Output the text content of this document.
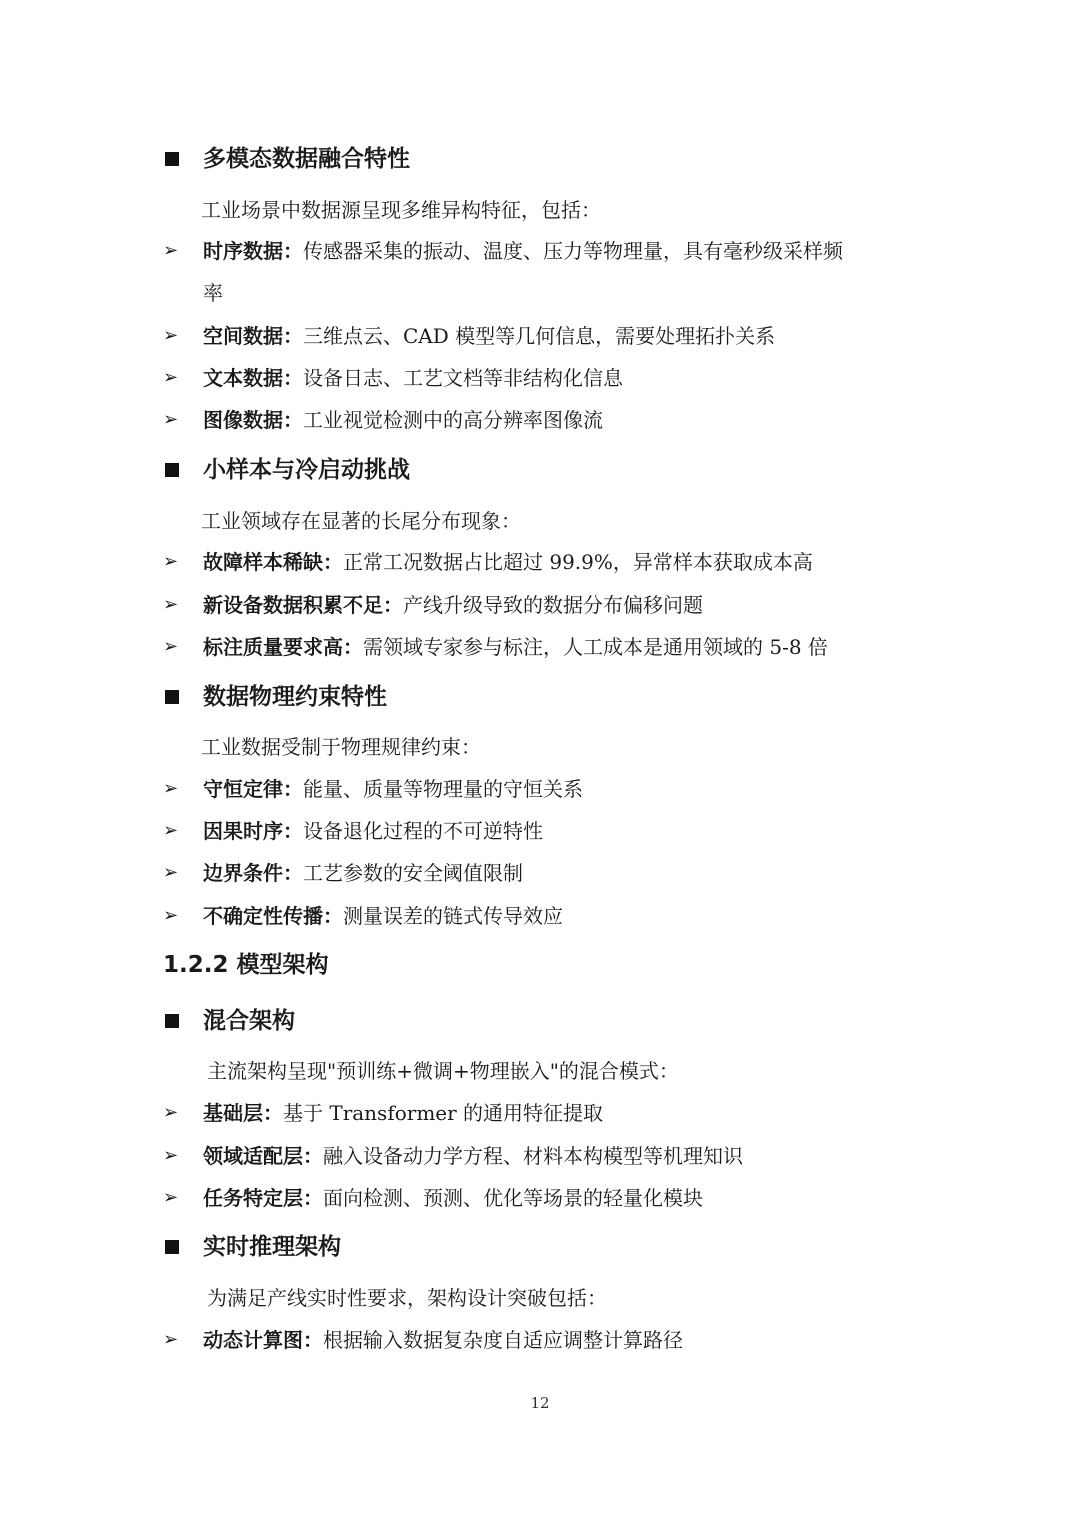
多模态数据融合特性
工业场景中数据源呈现多维异构特征，包括：
➢ 时序数据：传感器采集的振动、温度、压力等物理量，具有毫秒级采样频
率
➢ 空间数据：三维点云、CAD 模型等几何信息，需要处理拓扑关系
➢ 文本数据：设备日志、工艺文档等非结构化信息
➢ 图像数据：工业视觉检测中的高分辨率图像流
小样本与冷启动挑战
工业领域存在显著的长尾分布现象：
➢ 故障样本稀缺：正常工况数据占比超过 99.9%，异常样本获取成本高
➢ 新设备数据积累不足：产线升级导致的数据分布偏移问题
➢ 标注质量要求高：需领域专家参与标注，人工成本是通用领域的 5-8 倍
数据物理约束特性
工业数据受制于物理规律约束：
➢ 守恒定律：能量、质量等物理量的守恒关系
➢ 因果时序：设备退化过程的不可逆特性
➢ 边界条件：工艺参数的安全阈值限制
➢ 不确定性传播：测量误差的链式传导效应
1.2.2 模型架构
混合架构
主流架构呈现"预训练+微调+物理嵌入"的混合模式：
➢ 基础层：基于 Transformer 的通用特征提取
➢ 领域适配层：融入设备动力学方程、材料本构模型等机理知识
➢ 任务特定层：面向检测、预测、优化等场景的轻量化模块
实时推理架构
为满足产线实时性要求，架构设计突破包括：
➢ 动态计算图：根据输入数据复杂度自适应调整计算路径
12
